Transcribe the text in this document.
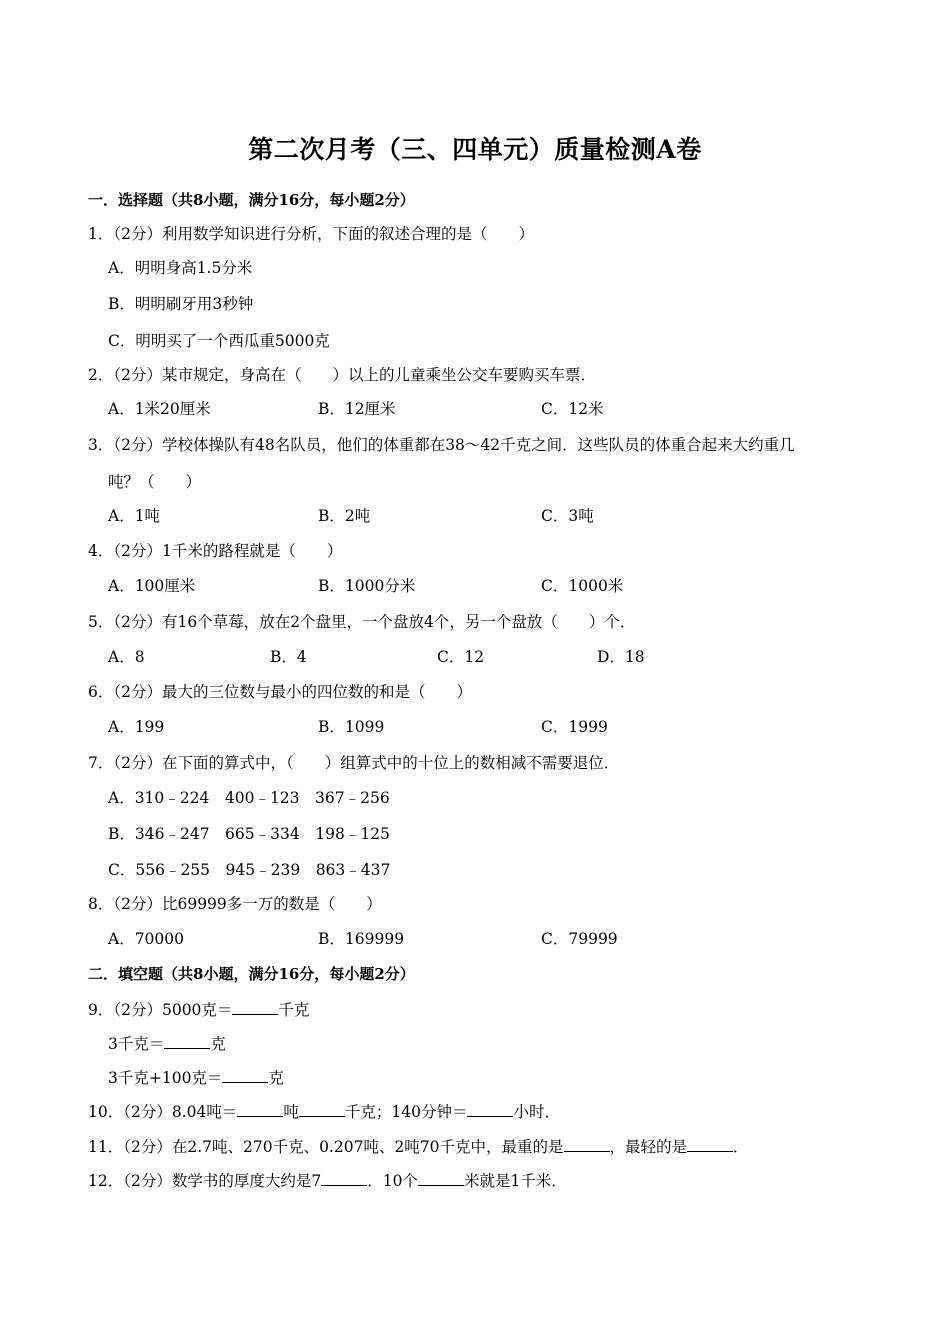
第二次月考（三、四单元）质量检测A卷
一．选择题（共8小题，满分16分，每小题2分）
1．（2分）利用数学知识进行分析，下面的叙述合理的是（　　）
A．明明身高1.5分米
B．明明刷牙用3秒钟
C．明明买了一个西瓜重5000克
2．（2分）某市规定，身高在（　　）以上的儿童乘坐公交车要购买车票．
A．1米20厘米	B．12厘米	C．12米
3．（2分）学校体操队有48名队员，他们的体重都在38～42千克之间．这些队员的体重合起来大约重几
吨？（　　）
A．1吨	B．2吨	C．3吨
4．（2分）1千米的路程就是（　　）
A．100厘米	B．1000分米	C．1000米
5．（2分）有16个草莓，放在2个盘里，一个盘放4个，另一个盘放（　　）个．
A．8	B．4	C．12	D．18
6．（2分）最大的三位数与最小的四位数的和是（　　）
A．199	B．1099	C．1999
7．（2分）在下面的算式中，（　　）组算式中的十位上的数相减不需要退位．
A．310﹣224　400﹣123　367﹣256
B．346﹣247　665﹣334　198﹣125
C．556﹣255　945﹣239　863﹣437
8．（2分）比69999多一万的数是（　　）
A．70000	B．169999	C．79999
二．填空题（共8小题，满分16分，每小题2分）
9．（2分）5000克＝	千克
3千克＝	克
3千克+100克＝	克
10．（2分）8.04吨＝	吨	千克；140分钟＝	小时．
11．（2分）在2.7吨、270千克、0.207吨、2吨70千克中，最重的是	，最轻的是	．
12．（2分）数学书的厚度大约是7	．10个	米就是1千米．
